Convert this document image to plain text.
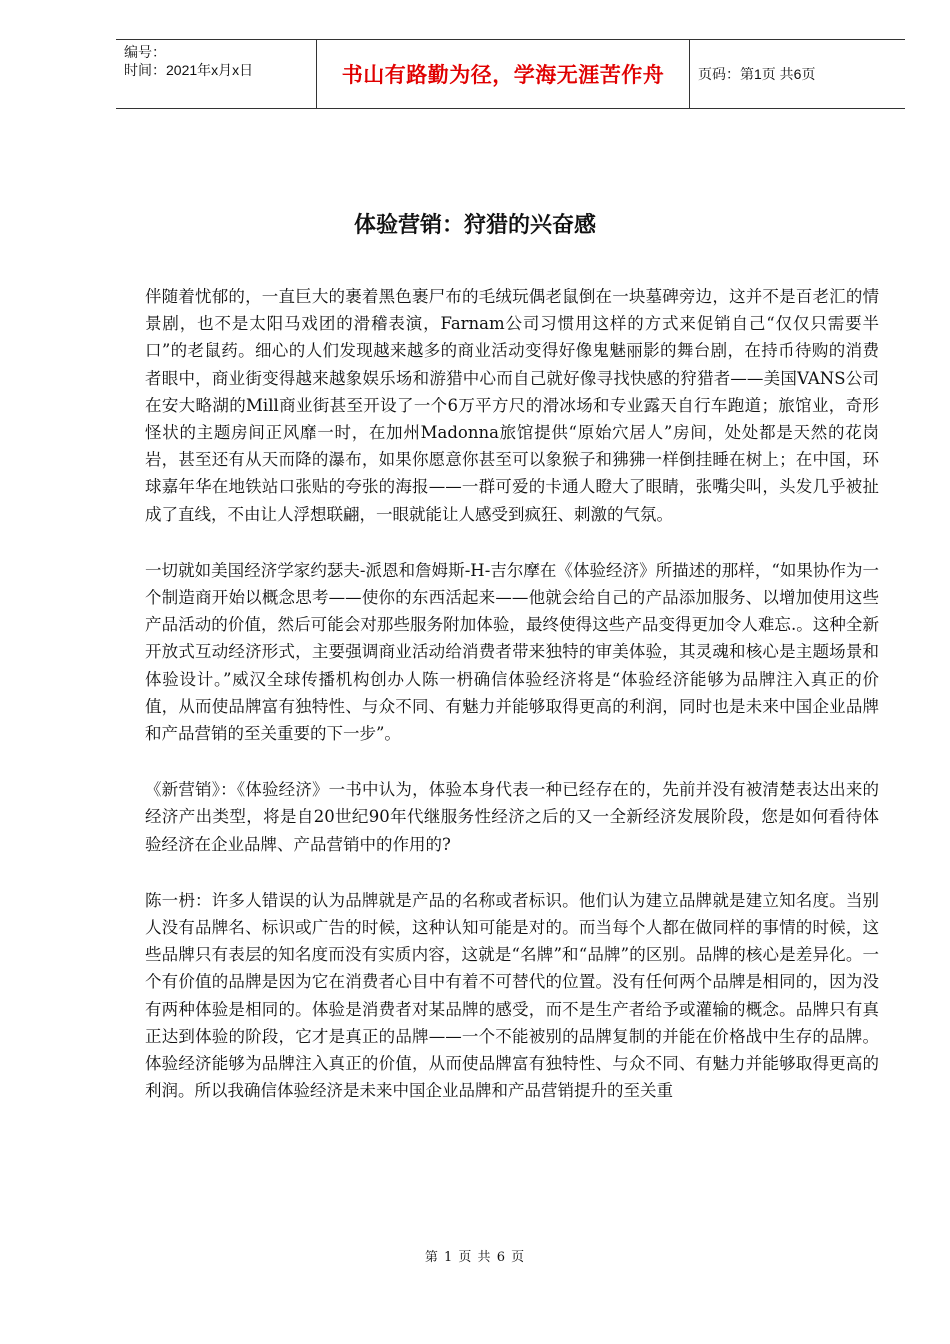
编号：
时间：2021年x月x日	书山有路勤为径，学海无涯苦作舟	页码：第1页 共6页
体验营销：狩猎的兴奋感

伴随着忧郁的，一直巨大的裹着黑色裹尸布的毛绒玩偶老鼠倒在一块墓碑旁边，这并不是百老汇的情景剧，也不是太阳马戏团的滑稽表演，Farnam公司习惯用这样的方式来促销自己“仅仅只需要半口”的老鼠药。细心的人们发现越来越多的商业活动变得好像鬼魅丽影的舞台剧，在持币待购的消费者眼中，商业街变得越来越象娱乐场和游猎中心而自己就好像寻找快感的狩猎者——美国VANS公司在安大略湖的Mill商业街甚至开设了一个6万平方尺的滑冰场和专业露天自行车跑道；旅馆业，奇形怪状的主题房间正风靡一时，在加州Madonna旅馆提供“原始穴居人”房间，处处都是天然的花岗岩，甚至还有从天而降的瀑布，如果你愿意你甚至可以象猴子和狒狒一样倒挂睡在树上；在中国，环球嘉年华在地铁站口张贴的夸张的海报——一群可爱的卡通人瞪大了眼睛，张嘴尖叫，头发几乎被扯成了直线，不由让人浮想联翩，一眼就能让人感受到疯狂、刺激的气氛。

一切就如美国经济学家约瑟夫-派恩和詹姆斯-H-吉尔摩在《体验经济》所描述的那样，“如果协作为一个制造商开始以概念思考——使你的东西活起来——他就会给自己的产品添加服务、以增加使用这些产品活动的价值，然后可能会对那些服务附加体验，最终使得这些产品变得更加令人难忘.。这种全新开放式互动经济形式，主要强调商业活动给消费者带来独特的审美体验，其灵魂和核心是主题场景和体验设计。”威汉全球传播机构创办人陈一枬确信体验经济将是“体验经济能够为品牌注入真正的价值，从而使品牌富有独特性、与众不同、有魅力并能够取得更高的利润，同时也是未来中国企业品牌和产品营销的至关重要的下一步”。

《新营销》：《体验经济》一书中认为，体验本身代表一种已经存在的，先前并没有被清楚表达出来的经济产出类型，将是自20世纪90年代继服务性经济之后的又一全新经济发展阶段，您是如何看待体验经济在企业品牌、产品营销中的作用的?

陈一枬：许多人错误的认为品牌就是产品的名称或者标识。他们认为建立品牌就是建立知名度。当别人没有品牌名、标识或广告的时候，这种认知可能是对的。而当每个人都在做同样的事情的时候，这些品牌只有表层的知名度而没有实质内容，这就是“名牌”和“品牌”的区别。品牌的核心是差异化。一个有价值的品牌是因为它在消费者心目中有着不可替代的位置。没有任何两个品牌是相同的，因为没有两种体验是相同的。体验是消费者对某品牌的感受，而不是生产者给予或灌输的概念。品牌只有真正达到体验的阶段，它才是真正的品牌——一个不能被别的品牌复制的并能在价格战中生存的品牌。体验经济能够为品牌注入真正的价值，从而使品牌富有独特性、与众不同、有魅力并能够取得更高的利润。所以我确信体验经济是未来中国企业品牌和产品营销提升的至关重

第 1 页 共 6 页
